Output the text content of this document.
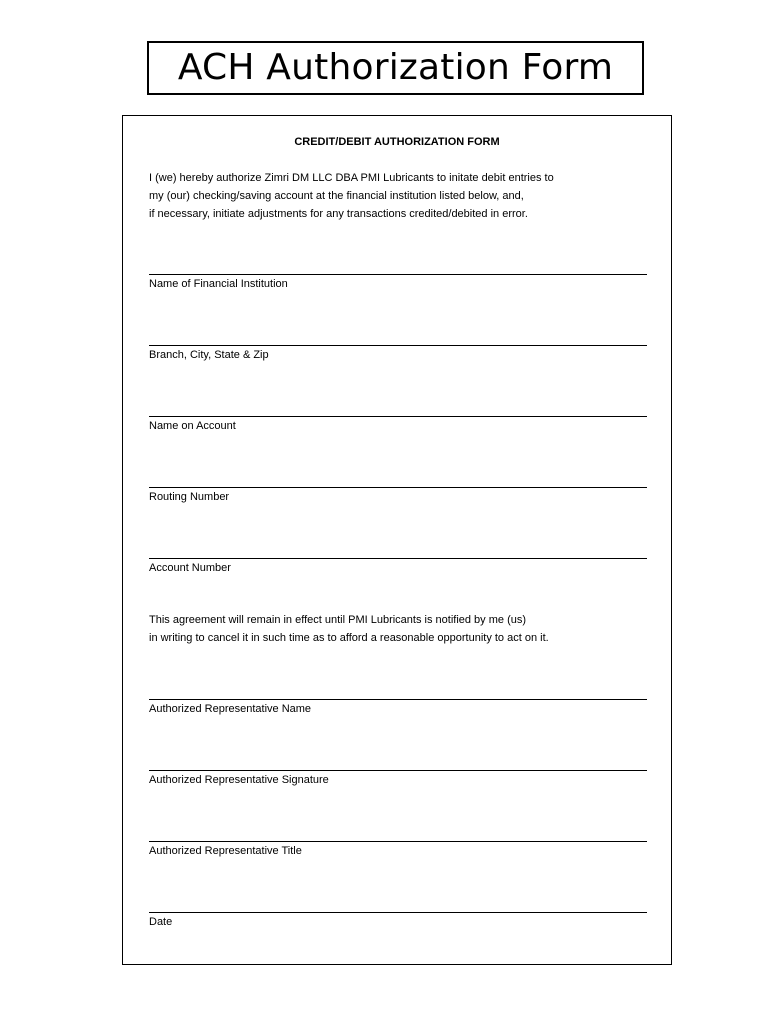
ACH Authorization Form
CREDIT/DEBIT AUTHORIZATION FORM
I (we) hereby authorize Zimri DM LLC DBA PMI Lubricants to initate debit entries to
my (our) checking/saving account at the financial institution listed below, and,
if necessary, initiate adjustments for any transactions credited/debited in error.
Name of Financial Institution
Branch, City, State & Zip
Name on Account
Routing Number
Account Number
This agreement will remain in effect until PMI Lubricants is notified by me (us)
in writing to cancel it in such time as to afford a reasonable opportunity to act on it.
Authorized Representative Name
Authorized Representative Signature
Authorized Representative Title
Date
